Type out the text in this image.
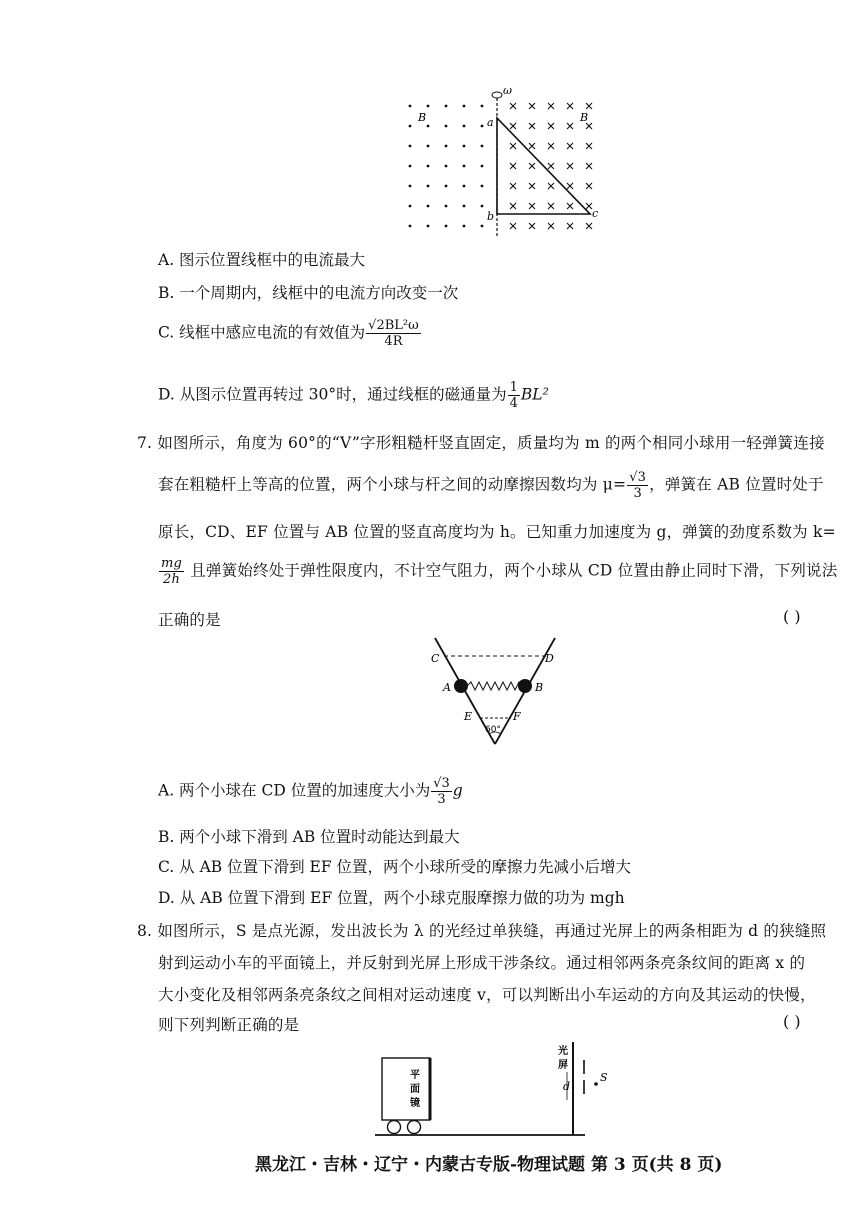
ω
B	B
a
b	c
A. 图示位置线框中的电流最大
B. 一个周期内，线框中的电流方向改变一次
C. 线框中感应电流的有效值为 $\frac{\text{√2BL²ω}}{4R}$
D. 从图示位置再转过 30°时，通过线框的磁通量为 $\frac{1}{4} BL^2$
7. 如图所示，角度为 60°的“V”字形粗糙杆竖直固定，质量均为 m 的两个相同小球用一轻弹簧连接
套在粗糙杆上等高的位置，两个小球与杆之间的动摩擦因数均为 $\mu= \frac{√3}{3}$ ，弹簧在 AB 位置时处于
原长，CD、EF 位置与 AB 位置的竖直高度均为 h。已知重力加速度为 g，弹簧的劲度系数为 k=
$\frac{mg}{2h}$ 且弹簧始终处于弹性限度内，不计空气阻力，两个小球从 CD 位置由静止同时下滑，下列说法
正确的是	( )
C	D
A	B
E	F
60°
A. 两个小球在 CD 位置的加速度大小为 $\frac{√3}{3}$ g
B. 两个小球下滑到 AB 位置时动能达到最大
C. 从 AB 位置下滑到 EF 位置，两个小球所受的摩擦力先减小后增大
D. 从 AB 位置下滑到 EF 位置，两个小球克服摩擦力做的功为 mgh
8. 如图所示，S 是点光源，发出波长为 λ 的光经过单狭缝，再通过光屏上的两条相距为 d 的狭缝照
射到运动小车的平面镜上，并反射到光屏上形成干涉条纹。通过相邻两条亮条纹间的距离 x 的
大小变化及相邻两条亮条纹之间相对运动速度 v，可以判断出小车运动的方向及其运动的快慢，
则下列判断正确的是	( )
平
面
镜
光
屏
d
S
黑龙江・吉林・辽宁・内蒙古专版-物理试题 第 3 页(共 8 页)
